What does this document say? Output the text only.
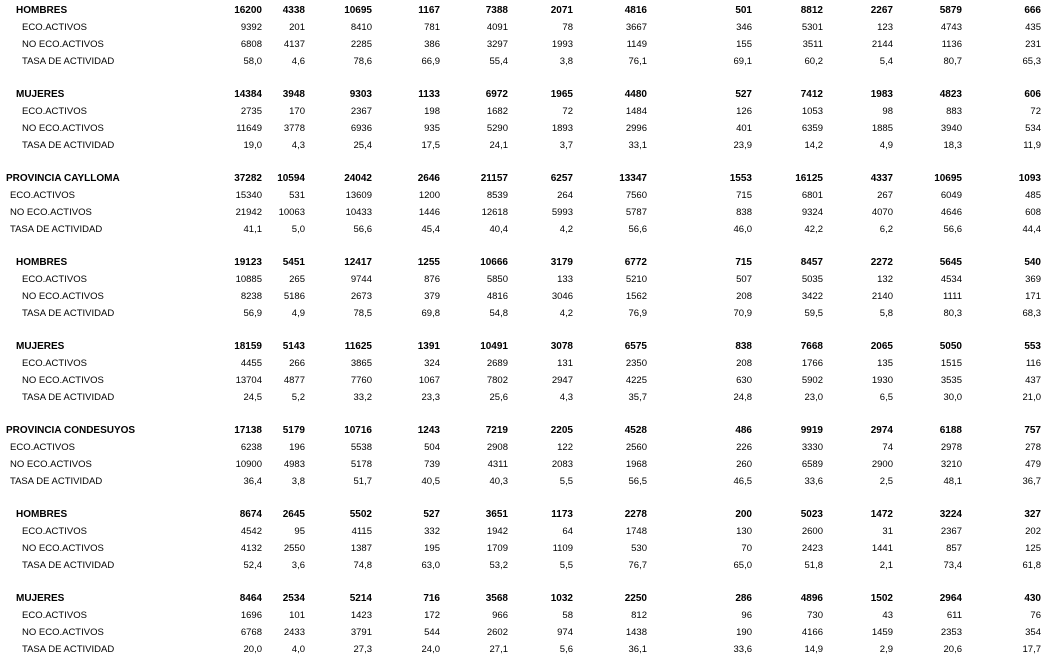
HOMBRES	16200	4338	10695	1167	7388	2071	4816	501	8812	2267	5879	666
ECO.ACTIVOS	9392	201	8410	781	4091	78	3667	346	5301	123	4743	435
NO ECO.ACTIVOS	6808	4137	2285	386	3297	1993	1149	155	3511	2144	1136	231
TASA DE ACTIVIDAD	58,0	4,6	78,6	66,9	55,4	3,8	76,1	69,1	60,2	5,4	80,7	65,3
MUJERES	14384	3948	9303	1133	6972	1965	4480	527	7412	1983	4823	606
ECO.ACTIVOS	2735	170	2367	198	1682	72	1484	126	1053	98	883	72
NO ECO.ACTIVOS	11649	3778	6936	935	5290	1893	2996	401	6359	1885	3940	534
TASA DE ACTIVIDAD	19,0	4,3	25,4	17,5	24,1	3,7	33,1	23,9	14,2	4,9	18,3	11,9
PROVINCIA CAYLLOMA	37282	10594	24042	2646	21157	6257	13347	1553	16125	4337	10695	1093
ECO.ACTIVOS	15340	531	13609	1200	8539	264	7560	715	6801	267	6049	485
NO ECO.ACTIVOS	21942	10063	10433	1446	12618	5993	5787	838	9324	4070	4646	608
TASA DE ACTIVIDAD	41,1	5,0	56,6	45,4	40,4	4,2	56,6	46,0	42,2	6,2	56,6	44,4
HOMBRES	19123	5451	12417	1255	10666	3179	6772	715	8457	2272	5645	540
ECO.ACTIVOS	10885	265	9744	876	5850	133	5210	507	5035	132	4534	369
NO ECO.ACTIVOS	8238	5186	2673	379	4816	3046	1562	208	3422	2140	1111	171
TASA DE ACTIVIDAD	56,9	4,9	78,5	69,8	54,8	4,2	76,9	70,9	59,5	5,8	80,3	68,3
MUJERES	18159	5143	11625	1391	10491	3078	6575	838	7668	2065	5050	553
ECO.ACTIVOS	4455	266	3865	324	2689	131	2350	208	1766	135	1515	116
NO ECO.ACTIVOS	13704	4877	7760	1067	7802	2947	4225	630	5902	1930	3535	437
TASA DE ACTIVIDAD	24,5	5,2	33,2	23,3	25,6	4,3	35,7	24,8	23,0	6,5	30,0	21,0
PROVINCIA CONDESUYOS	17138	5179	10716	1243	7219	2205	4528	486	9919	2974	6188	757
ECO.ACTIVOS	6238	196	5538	504	2908	122	2560	226	3330	74	2978	278
NO ECO.ACTIVOS	10900	4983	5178	739	4311	2083	1968	260	6589	2900	3210	479
TASA DE ACTIVIDAD	36,4	3,8	51,7	40,5	40,3	5,5	56,5	46,5	33,6	2,5	48,1	36,7
HOMBRES	8674	2645	5502	527	3651	1173	2278	200	5023	1472	3224	327
ECO.ACTIVOS	4542	95	4115	332	1942	64	1748	130	2600	31	2367	202
NO ECO.ACTIVOS	4132	2550	1387	195	1709	1109	530	70	2423	1441	857	125
TASA DE ACTIVIDAD	52,4	3,6	74,8	63,0	53,2	5,5	76,7	65,0	51,8	2,1	73,4	61,8
MUJERES	8464	2534	5214	716	3568	1032	2250	286	4896	1502	2964	430
ECO.ACTIVOS	1696	101	1423	172	966	58	812	96	730	43	611	76
NO ECO.ACTIVOS	6768	2433	3791	544	2602	974	1438	190	4166	1459	2353	354
TASA DE ACTIVIDAD	20,0	4,0	27,3	24,0	27,1	5,6	36,1	33,6	14,9	2,9	20,6	17,7
